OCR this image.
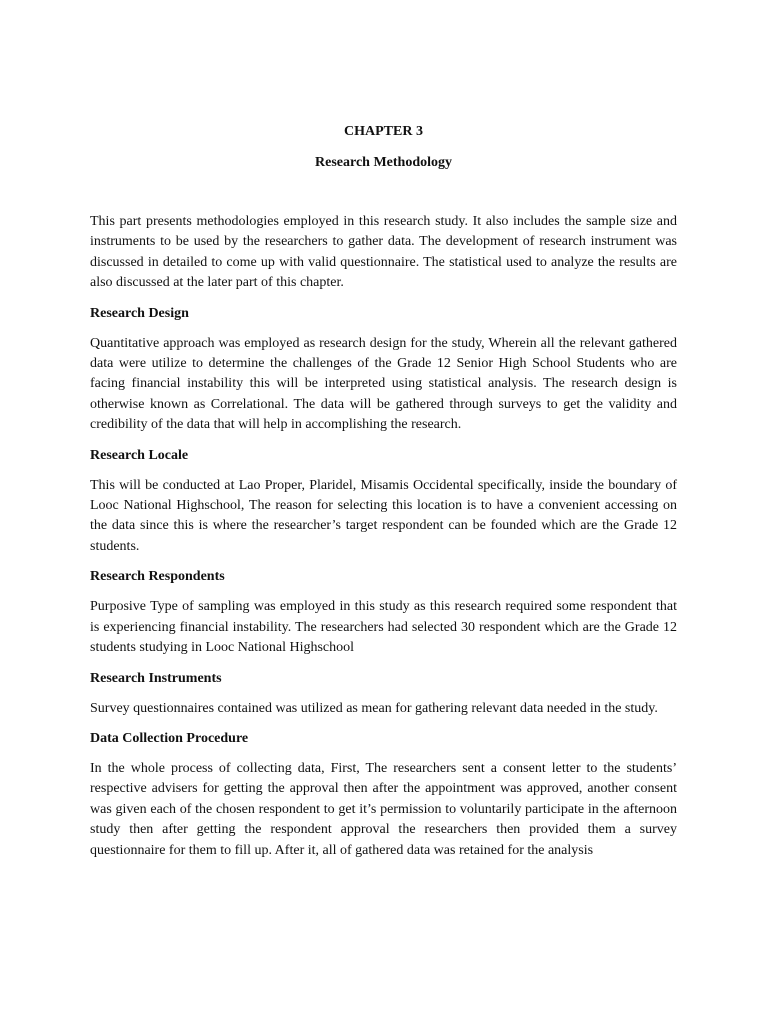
CHAPTER 3

Research Methodology

This part presents methodologies employed in this research study. It also includes the sample size and instruments to be used by the researchers to gather data. The development of research instrument was discussed in detailed to come up with valid questionnaire. The statistical used to analyze the results are also discussed at the later part of this chapter.

Research Design

Quantitative approach was employed as research design for the study, Wherein all the relevant gathered data were utilize to determine the challenges of the Grade 12 Senior High School Students who are facing financial instability this will be interpreted using statistical analysis. The research design is otherwise known as Correlational. The data will be gathered through surveys to get the validity and credibility of the data that will help in accomplishing the research.

Research Locale

This will be conducted at Lao Proper, Plaridel, Misamis Occidental specifically, inside the boundary of Looc National Highschool, The reason for selecting this location is to have a convenient accessing on the data since this is where the researcher’s target respondent can be founded which are the Grade 12 students.

Research Respondents

Purposive Type of sampling was employed in this study as this research required some respondent that is experiencing financial instability. The researchers had selected 30 respondent which are the Grade 12 students studying in Looc National Highschool

Research Instruments

Survey questionnaires contained was utilized as mean for gathering relevant data needed in the study.

Data Collection Procedure

In the whole process of collecting data, First, The researchers sent a consent letter to the students’ respective advisers for getting the approval then after the appointment was approved, another consent was given each of the chosen respondent to get it’s permission to voluntarily participate in the afternoon study then after getting the respondent approval the researchers then provided them a survey questionnaire for them to fill up. After it, all of gathered data was retained for the analysis
